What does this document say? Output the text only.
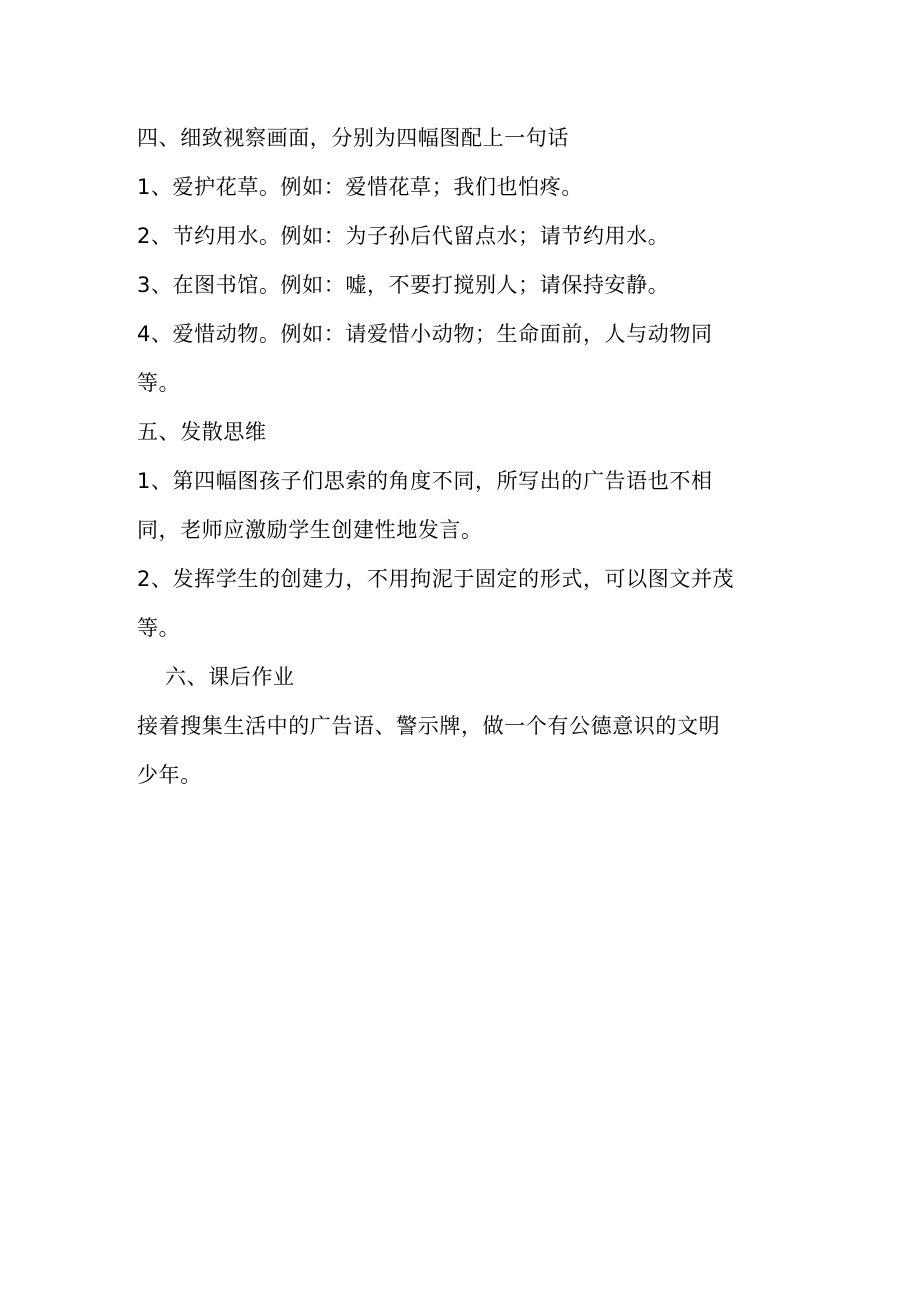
四、细致视察画面，分别为四幅图配上一句话
1、爱护花草。例如：爱惜花草；我们也怕疼。
2、节约用水。例如：为子孙后代留点水；请节约用水。
3、在图书馆。例如：嘘，不要打搅别人；请保持安静。
4、爱惜动物。例如：请爱惜小动物；生命面前，人与动物同
等。
五、发散思维
1、第四幅图孩子们思索的角度不同，所写出的广告语也不相
同，老师应激励学生创建性地发言。
2、发挥学生的创建力，不用拘泥于固定的形式，可以图文并茂
等。
六、课后作业
接着搜集生活中的广告语、警示牌，做一个有公德意识的文明
少年。
